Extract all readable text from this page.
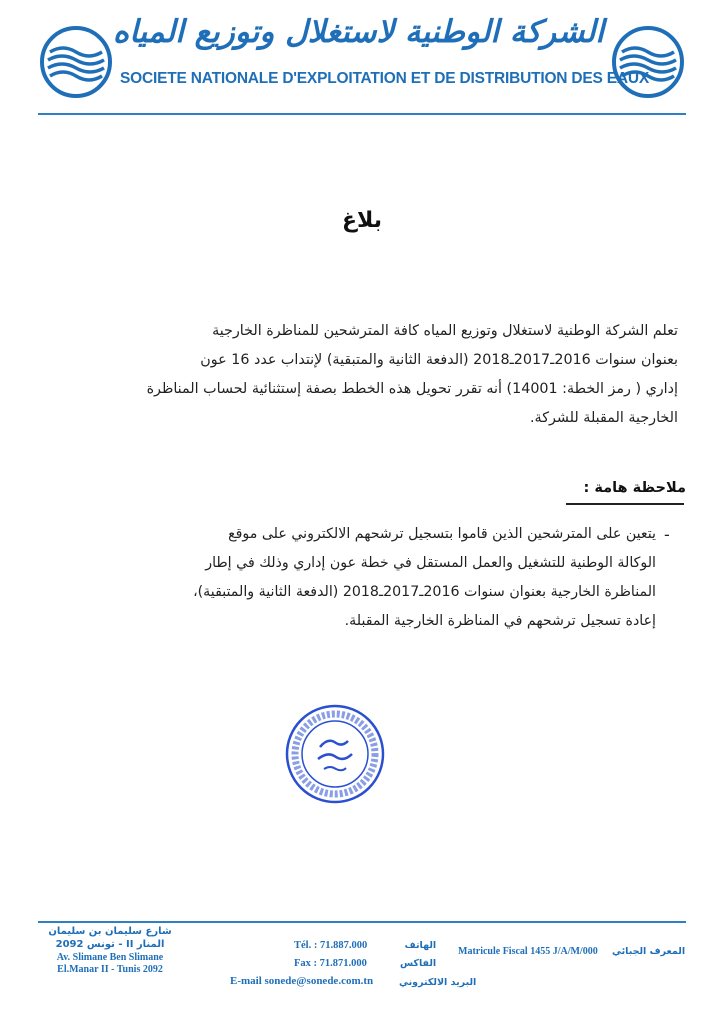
الشركة الوطنية لاستغلال وتوزيع المياه
SOCIETE NATIONALE D'EXPLOITATION ET DE DISTRIBUTION DES EAUX
بلاغ
تعلم الشركة الوطنية لاستغلال وتوزيع المياه كافة المترشحين للمناظرة الخارجية
بعنوان سنوات 2016ـ2017ـ2018 (الدفعة الثانية والمتبقية) لإنتداب عدد 16 عون
إداري ( رمز الخطة: 14001) أنه تقرر تحويل هذه الخطط بصفة إستثنائية لحساب المناظرة
الخارجية المقبلة للشركة.
ملاحظة هامة :
-
يتعين على المترشحين الذين قاموا بتسجيل ترشحهم الالكتروني على موقع
الوكالة الوطنية للتشغيل والعمل المستقل في خطة عون إداري وذلك في إطار
المناظرة الخارجية بعنوان سنوات 2016ـ2017ـ2018 (الدفعة الثانية والمتبقية)،
إعادة تسجيل ترشحهم في المناظرة الخارجية المقبلة.
شارع سليمان بن سليمان
المنار II - تونس 2092
Av. Slimane Ben Slimane
El.Manar II - Tunis 2092
Tél. : 71.887.000
Fax : 71.871.000
الهاتف
الفاكس
Matricule Fiscal 1455 J/A/M/000 المعرف الجبائي
E-mail sonede@sonede.com.tn	البريد الالكتروني
